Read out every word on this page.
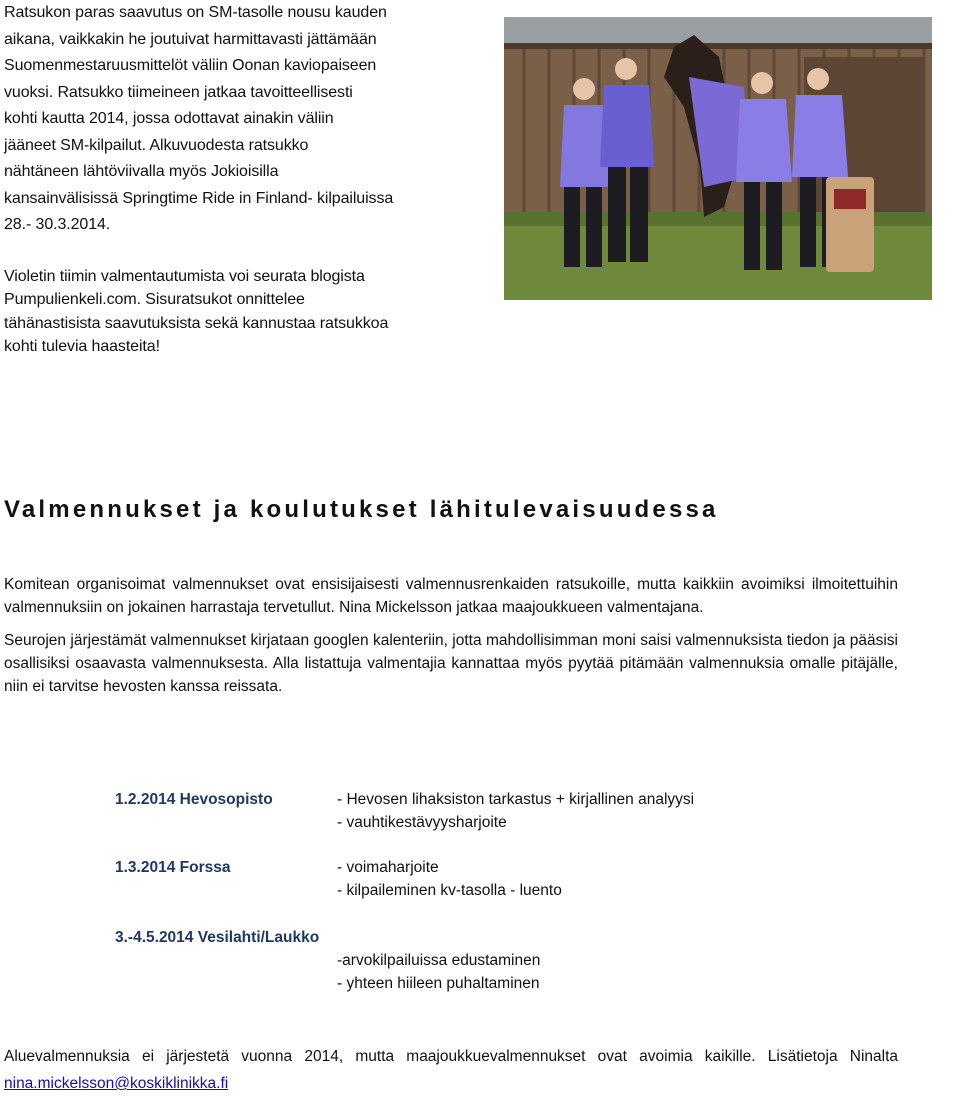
Ratsukon paras saavutus on SM-tasolle nousu kauden
aikana, vaikkakin he joutuivat harmittavasti jättämään
Suomenmestaruusmittelöt väliin Oonan kaviopaiseen
vuoksi. Ratsukko tiimeineen jatkaa tavoitteellisesti
kohti kautta 2014, jossa odottavat ainakin väliin
jääneet SM-kilpailut. Alkuvuodesta ratsukko
nähtäneen lähtöviivalla myös Jokioisilla
kansainvälisissä Springtime Ride in Finland- kilpailuissa
28.- 30.3.2014.

Violetin tiimin valmentautumista voi seurata blogista
Pumpulienkeli.com. Sisuratsukot onnittelee
tähänastisista saavutuksista sekä kannustaa ratsukkoa
kohti tulevia haasteita!

Valmennukset ja koulutukset lähitulevaisuudessa

Komitean organisoimat valmennukset ovat ensisijaisesti valmennusrenkaiden ratsukoille, mutta kaikkiin avoimiksi ilmoitettuihin valmennuksiin on jokainen harrastaja tervetullut. Nina Mickelsson jatkaa maajoukkueen valmentajana.

Seurojen järjestämät valmennukset kirjataan googlen kalenteriin, jotta mahdollisimman moni saisi valmennuksista tiedon ja pääsisi osallisiksi osaavasta valmennuksesta. Alla listattuja valmentajia kannattaa myös pyytää pitämään valmennuksia omalle pitäjälle, niin ei tarvitse hevosten kanssa reissata.

1.2.2014 Hevosopisto	- Hevosen lihaksiston tarkastus + kirjallinen analyysi
- vauhtikestävyysharjoite
1.3.2014 Forssa	- voimaharjoite
- kilpaileminen kv-tasolla - luento
3.-4.5.2014 Vesilahti/Laukko
-arvokilpailuissa edustaminen
- yhteen hiileen puhaltaminen

Aluevalmennuksia ei järjestetä vuonna 2014, mutta maajoukkuevalmennukset ovat avoimia kaikille. Lisätietoja Ninalta nina.mickelsson@koskiklinikka.fi
